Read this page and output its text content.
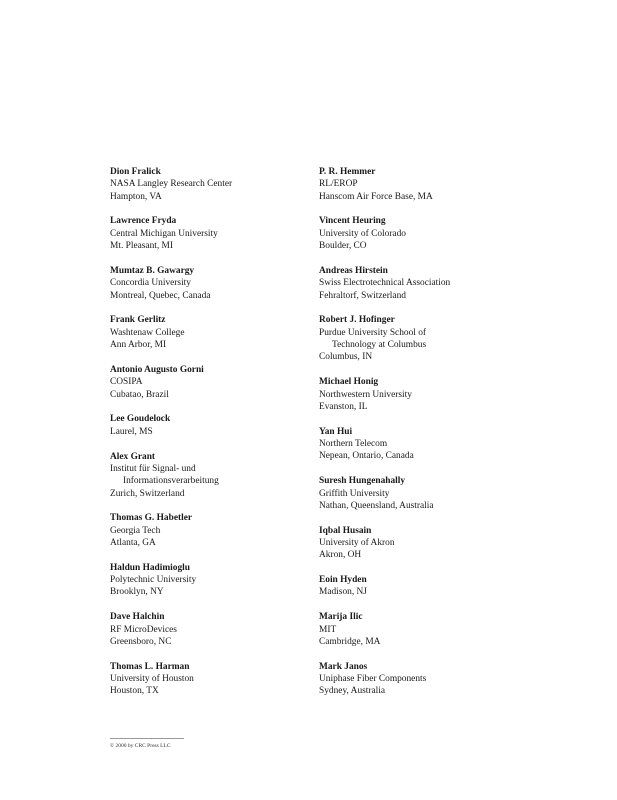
Dion Fralick
NASA Langley Research Center
Hampton, VA
Lawrence Fryda
Central Michigan University
Mt. Pleasant, MI
Mumtaz B. Gawargy
Concordia University
Montreal, Quebec, Canada
Frank Gerlitz
Washtenaw College
Ann Arbor, MI
Antonio Augusto Gorni
COSIPA
Cubatao, Brazil
Lee Goudelock
Laurel, MS
Alex Grant
Institut für Signal- und
Informationsverarbeitung
Zurich, Switzerland
Thomas G. Habetler
Georgia Tech
Atlanta, GA
Haldun Hadimioglu
Polytechnic University
Brooklyn, NY
Dave Halchin
RF MicroDevices
Greensboro, NC
Thomas L. Harman
University of Houston
Houston, TX
P. R. Hemmer
RL/EROP
Hanscom Air Force Base, MA
Vincent Heuring
University of Colorado
Boulder, CO
Andreas Hirstein
Swiss Electrotechnical Association
Fehraltorf, Switzerland
Robert J. Hofinger
Purdue University School of
Technology at Columbus
Columbus, IN
Michael Honig
Northwestern University
Evanston, IL
Yan Hui
Northern Telecom
Nepean, Ontario, Canada
Suresh Hungenahally
Griffith University
Nathan, Queensland, Australia
Iqbal Husain
University of Akron
Akron, OH
Eoin Hyden
Madison, NJ
Marija Ilic
MIT
Cambridge, MA
Mark Janos
Uniphase Fiber Components
Sydney, Australia
© 2000 by CRC Press LLC
